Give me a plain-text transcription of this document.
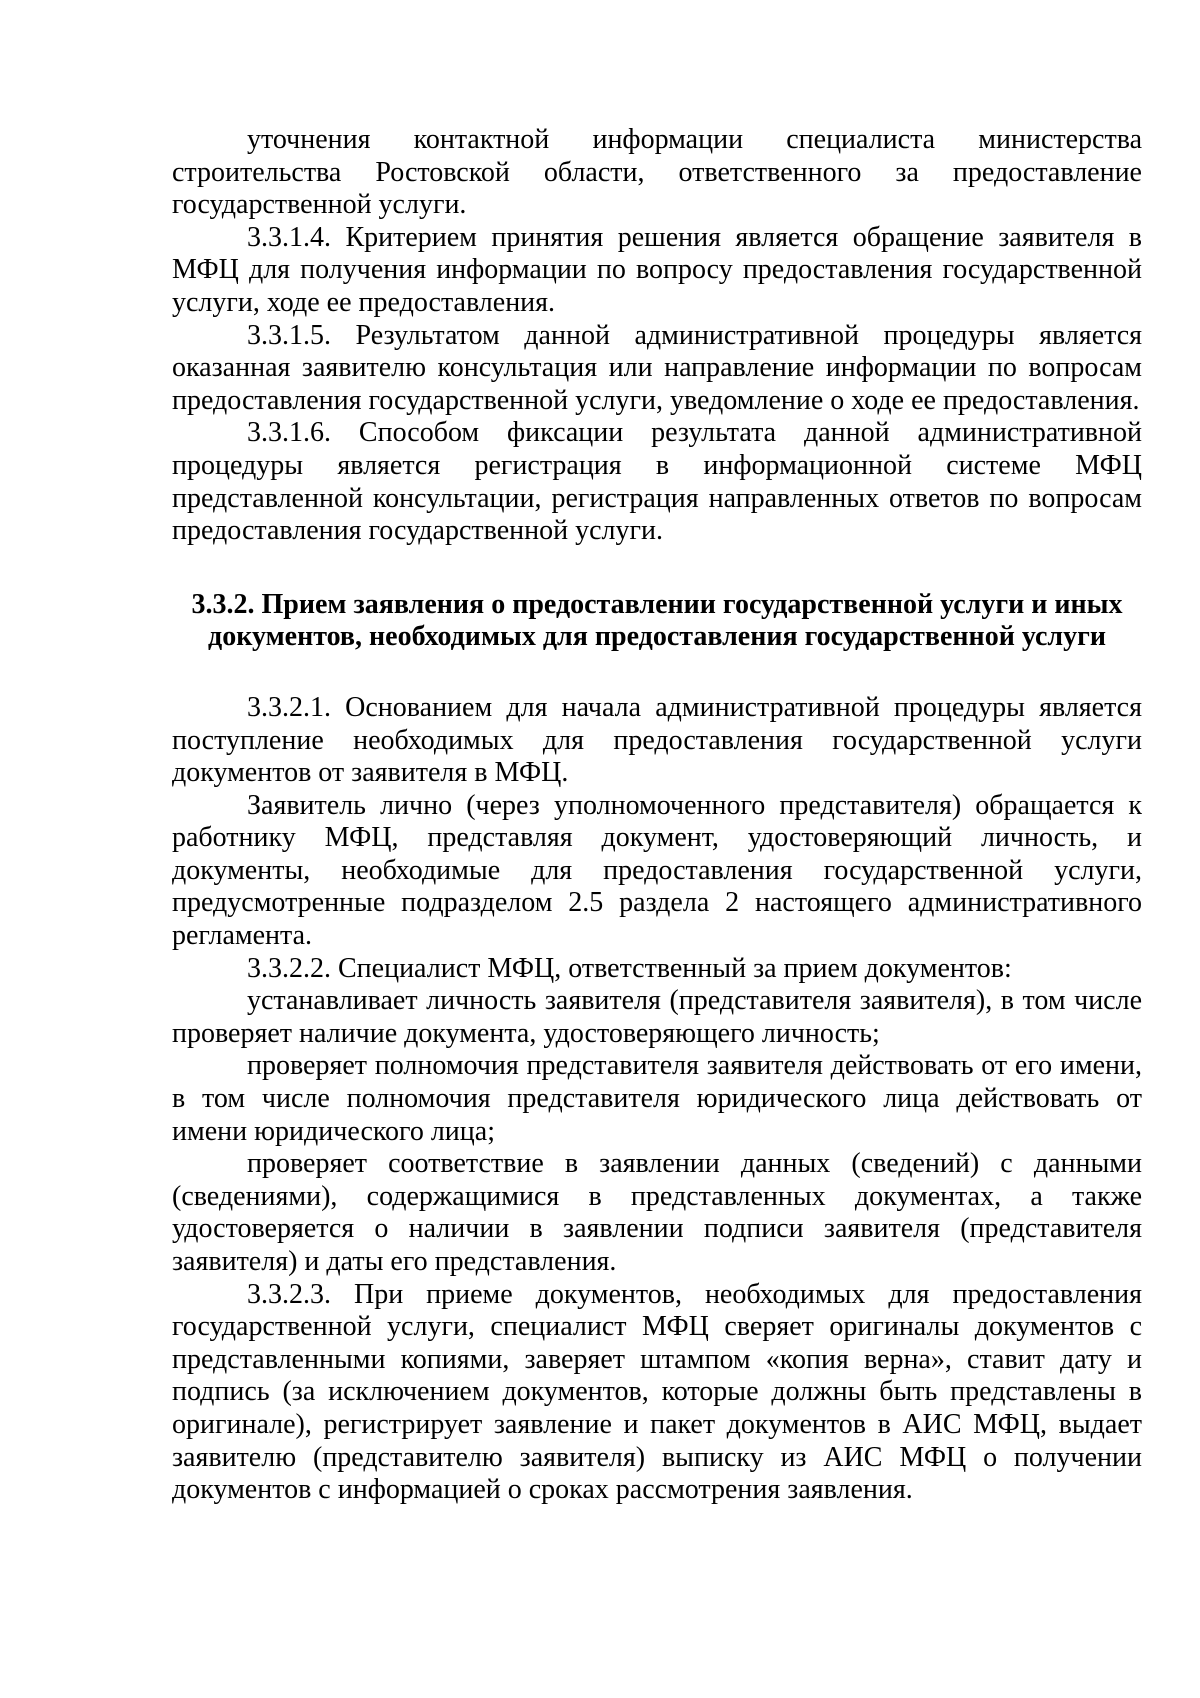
уточнения контактной информации специалиста министерства строительства Ростовской области, ответственного за предоставление государственной услуги.

3.3.1.4. Критерием принятия решения является обращение заявителя в МФЦ для получения информации по вопросу предоставления государственной услуги, ходе ее предоставления.

3.3.1.5. Результатом данной административной процедуры является оказанная заявителю консультация или направление информации по вопросам предоставления государственной услуги, уведомление о ходе ее предоставления.

3.3.1.6. Способом фиксации результата данной административной процедуры является регистрация в информационной системе МФЦ представленной консультации, регистрация направленных ответов по вопросам предоставления государственной услуги.

3.3.2. Прием заявления о предоставлении государственной услуги и иных документов, необходимых для предоставления государственной услуги

3.3.2.1. Основанием для начала административной процедуры является поступление необходимых для предоставления государственной услуги документов от заявителя в МФЦ.

Заявитель лично (через уполномоченного представителя) обращается к работнику МФЦ, представляя документ, удостоверяющий личность, и документы, необходимые для предоставления государственной услуги, предусмотренные подразделом 2.5 раздела 2 настоящего административного регламента.

3.3.2.2. Специалист МФЦ, ответственный за прием документов:

устанавливает личность заявителя (представителя заявителя), в том числе проверяет наличие документа, удостоверяющего личность;

проверяет полномочия представителя заявителя действовать от его имени, в том числе полномочия представителя юридического лица действовать от имени юридического лица;

проверяет соответствие в заявлении данных (сведений) с данными (сведениями), содержащимися в представленных документах, а также удостоверяется о наличии в заявлении подписи заявителя (представителя заявителя) и даты его представления.

3.3.2.3. При приеме документов, необходимых для предоставления государственной услуги, специалист МФЦ сверяет оригиналы документов с представленными копиями, заверяет штампом «копия верна», ставит дату и подпись (за исключением документов, которые должны быть представлены в оригинале), регистрирует заявление и пакет документов в АИС МФЦ, выдает заявителю (представителю заявителя) выписку из АИС МФЦ о получении документов с информацией о сроках рассмотрения заявления.
